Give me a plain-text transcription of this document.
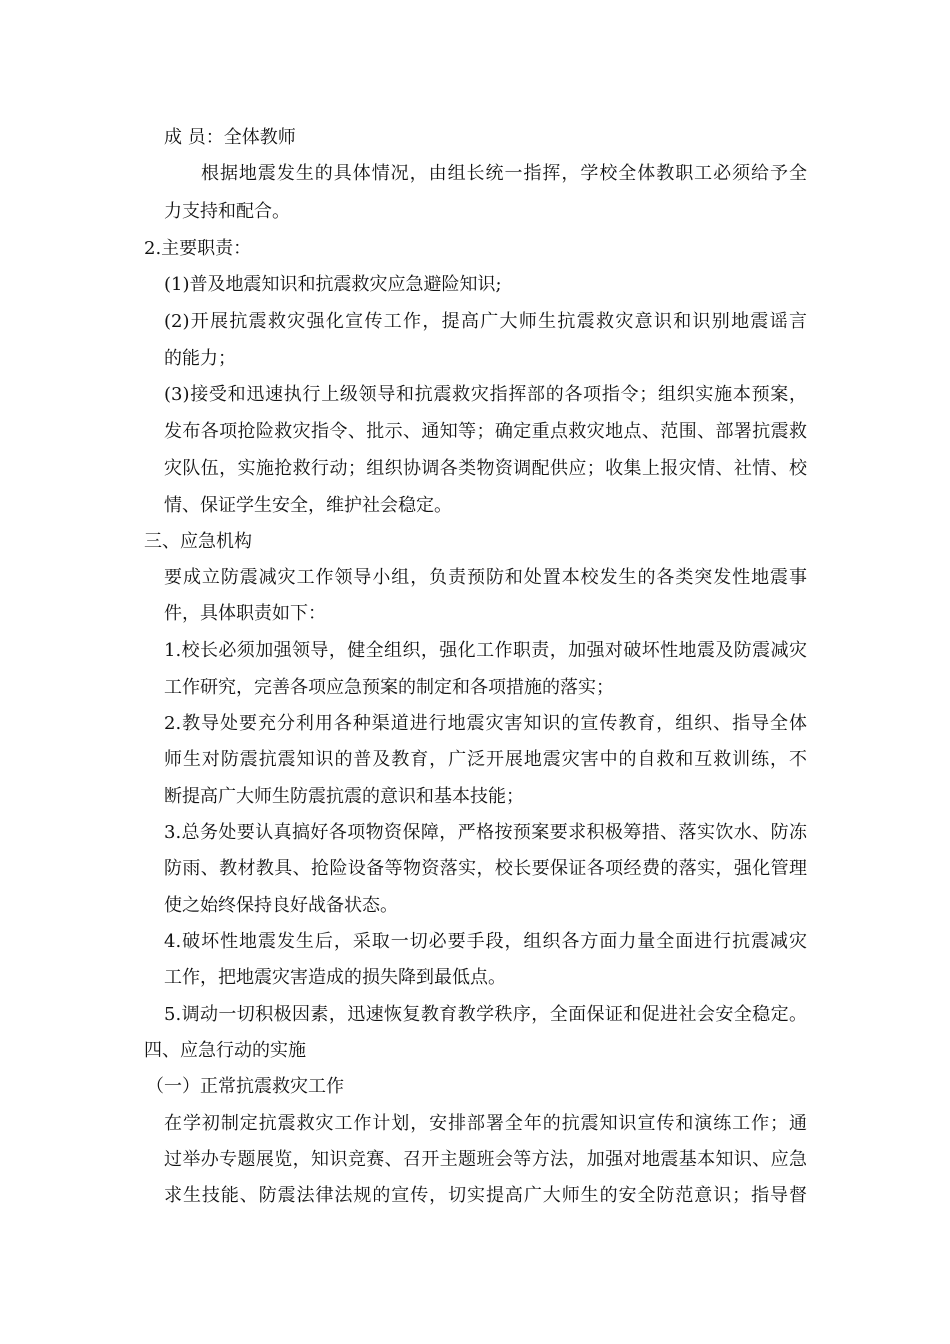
成 员：全体教师
根据地震发生的具体情况，由组长统一指挥，学校全体教职工必须给予全
力支持和配合。
2.主要职责：
(1)普及地震知识和抗震救灾应急避险知识;
(2)开展抗震救灾强化宣传工作，提高广大师生抗震救灾意识和识别地震谣言
的能力；
(3)接受和迅速执行上级领导和抗震救灾指挥部的各项指令；组织实施本预案，
发布各项抢险救灾指令、批示、通知等；确定重点救灾地点、范围、部署抗震救
灾队伍，实施抢救行动；组织协调各类物资调配供应；收集上报灾情、社情、校
情、保证学生安全，维护社会稳定。
三、应急机构
要成立防震减灾工作领导小组，负责预防和处置本校发生的各类突发性地震事
件，具体职责如下：
1.校长必须加强领导，健全组织，强化工作职责，加强对破坏性地震及防震减灾
工作研究，完善各项应急预案的制定和各项措施的落实；
2.教导处要充分利用各种渠道进行地震灾害知识的宣传教育，组织、指导全体
师生对防震抗震知识的普及教育，广泛开展地震灾害中的自救和互救训练，不
断提高广大师生防震抗震的意识和基本技能；
3.总务处要认真搞好各项物资保障，严格按预案要求积极筹措、落实饮水、防冻
防雨、教材教具、抢险设备等物资落实，校长要保证各项经费的落实，强化管理
使之始终保持良好战备状态。
4.破坏性地震发生后，采取一切必要手段，组织各方面力量全面进行抗震减灾
工作，把地震灾害造成的损失降到最低点。
5.调动一切积极因素，迅速恢复教育教学秩序，全面保证和促进社会安全稳定。
四、应急行动的实施
（一）正常抗震救灾工作
在学初制定抗震救灾工作计划，安排部署全年的抗震知识宣传和演练工作；通
过举办专题展览，知识竞赛、召开主题班会等方法，加强对地震基本知识、应急
求生技能、防震法律法规的宣传，切实提高广大师生的安全防范意识；指导督
